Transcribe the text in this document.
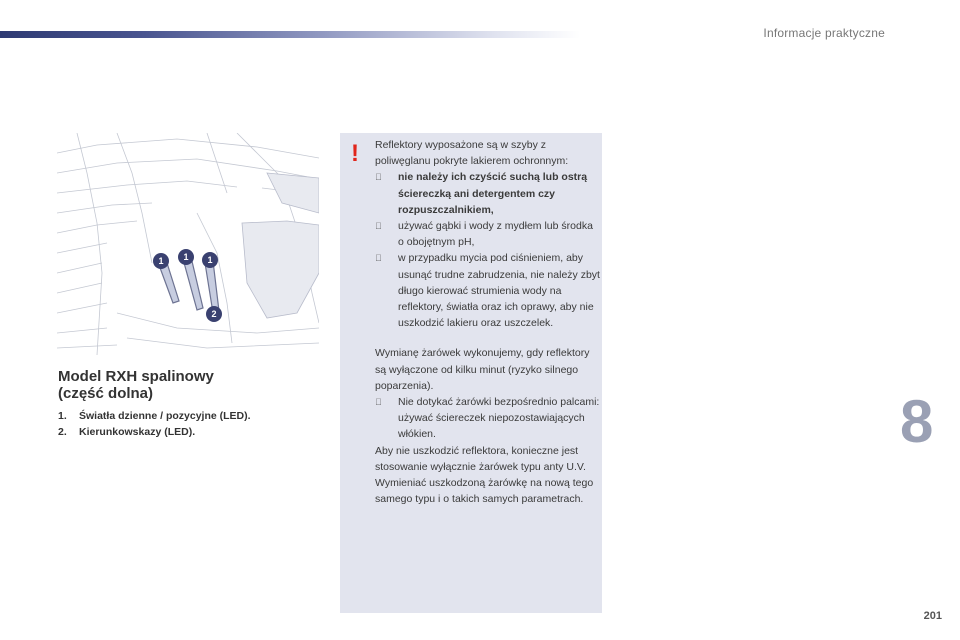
Informacje praktyczne
1 1 1
2
Model RXH spalinowy
(część dolna)
1.	Światła dzienne / pozycyjne (LED).
2.	Kierunkowskazy (LED).
! Reflektory wyposażone są w szyby z poliwęglanu pokryte lakierem ochronnym:

nie należy ich czyścić suchą lub ostrą ściereczką ani detergentem czy rozpuszczalnikiem,
używać gąbki i wody z mydłem lub środka o obojętnym pH,
w przypadku mycia pod ciśnieniem, aby usunąć trudne zabrudzenia, nie należy zbyt długo kierować strumienia wody na reflektory, światła oraz ich oprawy, aby nie uszkodzić lakieru oraz uszczelek.

Wymianę żarówek wykonujemy, gdy reflektory są wyłączone od kilku minut (ryzyko silnego poparzenia).

Nie dotykać żarówki bezpośrednio palcami: używać ściereczek niepozostawiających włókien.

Aby nie uszkodzić reflektora, konieczne jest stosowanie wyłącznie żarówek typu anty U.V.

Wymieniać uszkodzoną żarówkę na nową tego samego typu i o takich samych parametrach.

8
201
